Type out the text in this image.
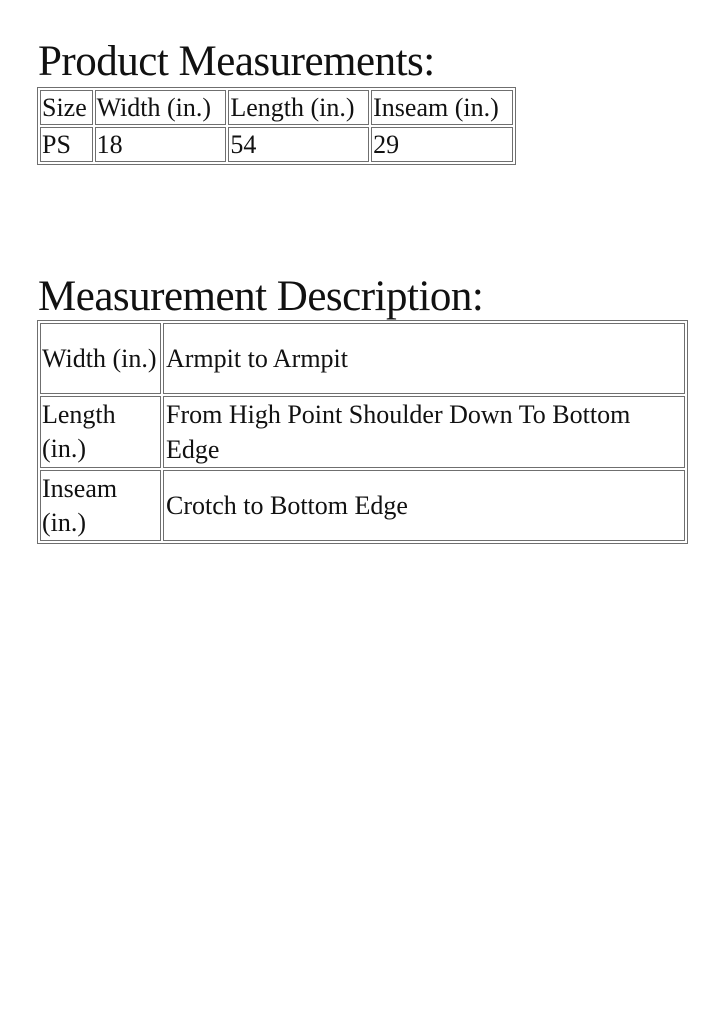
Product Measurements:
Size	Width (in.)	Length (in.)	Inseam (in.)
PS	18	54	29
Measurement Description:
Width (in.)	Armpit to Armpit
Length (in.)	From High Point Shoulder Down To Bottom Edge
Inseam (in.)	Crotch to Bottom Edge
